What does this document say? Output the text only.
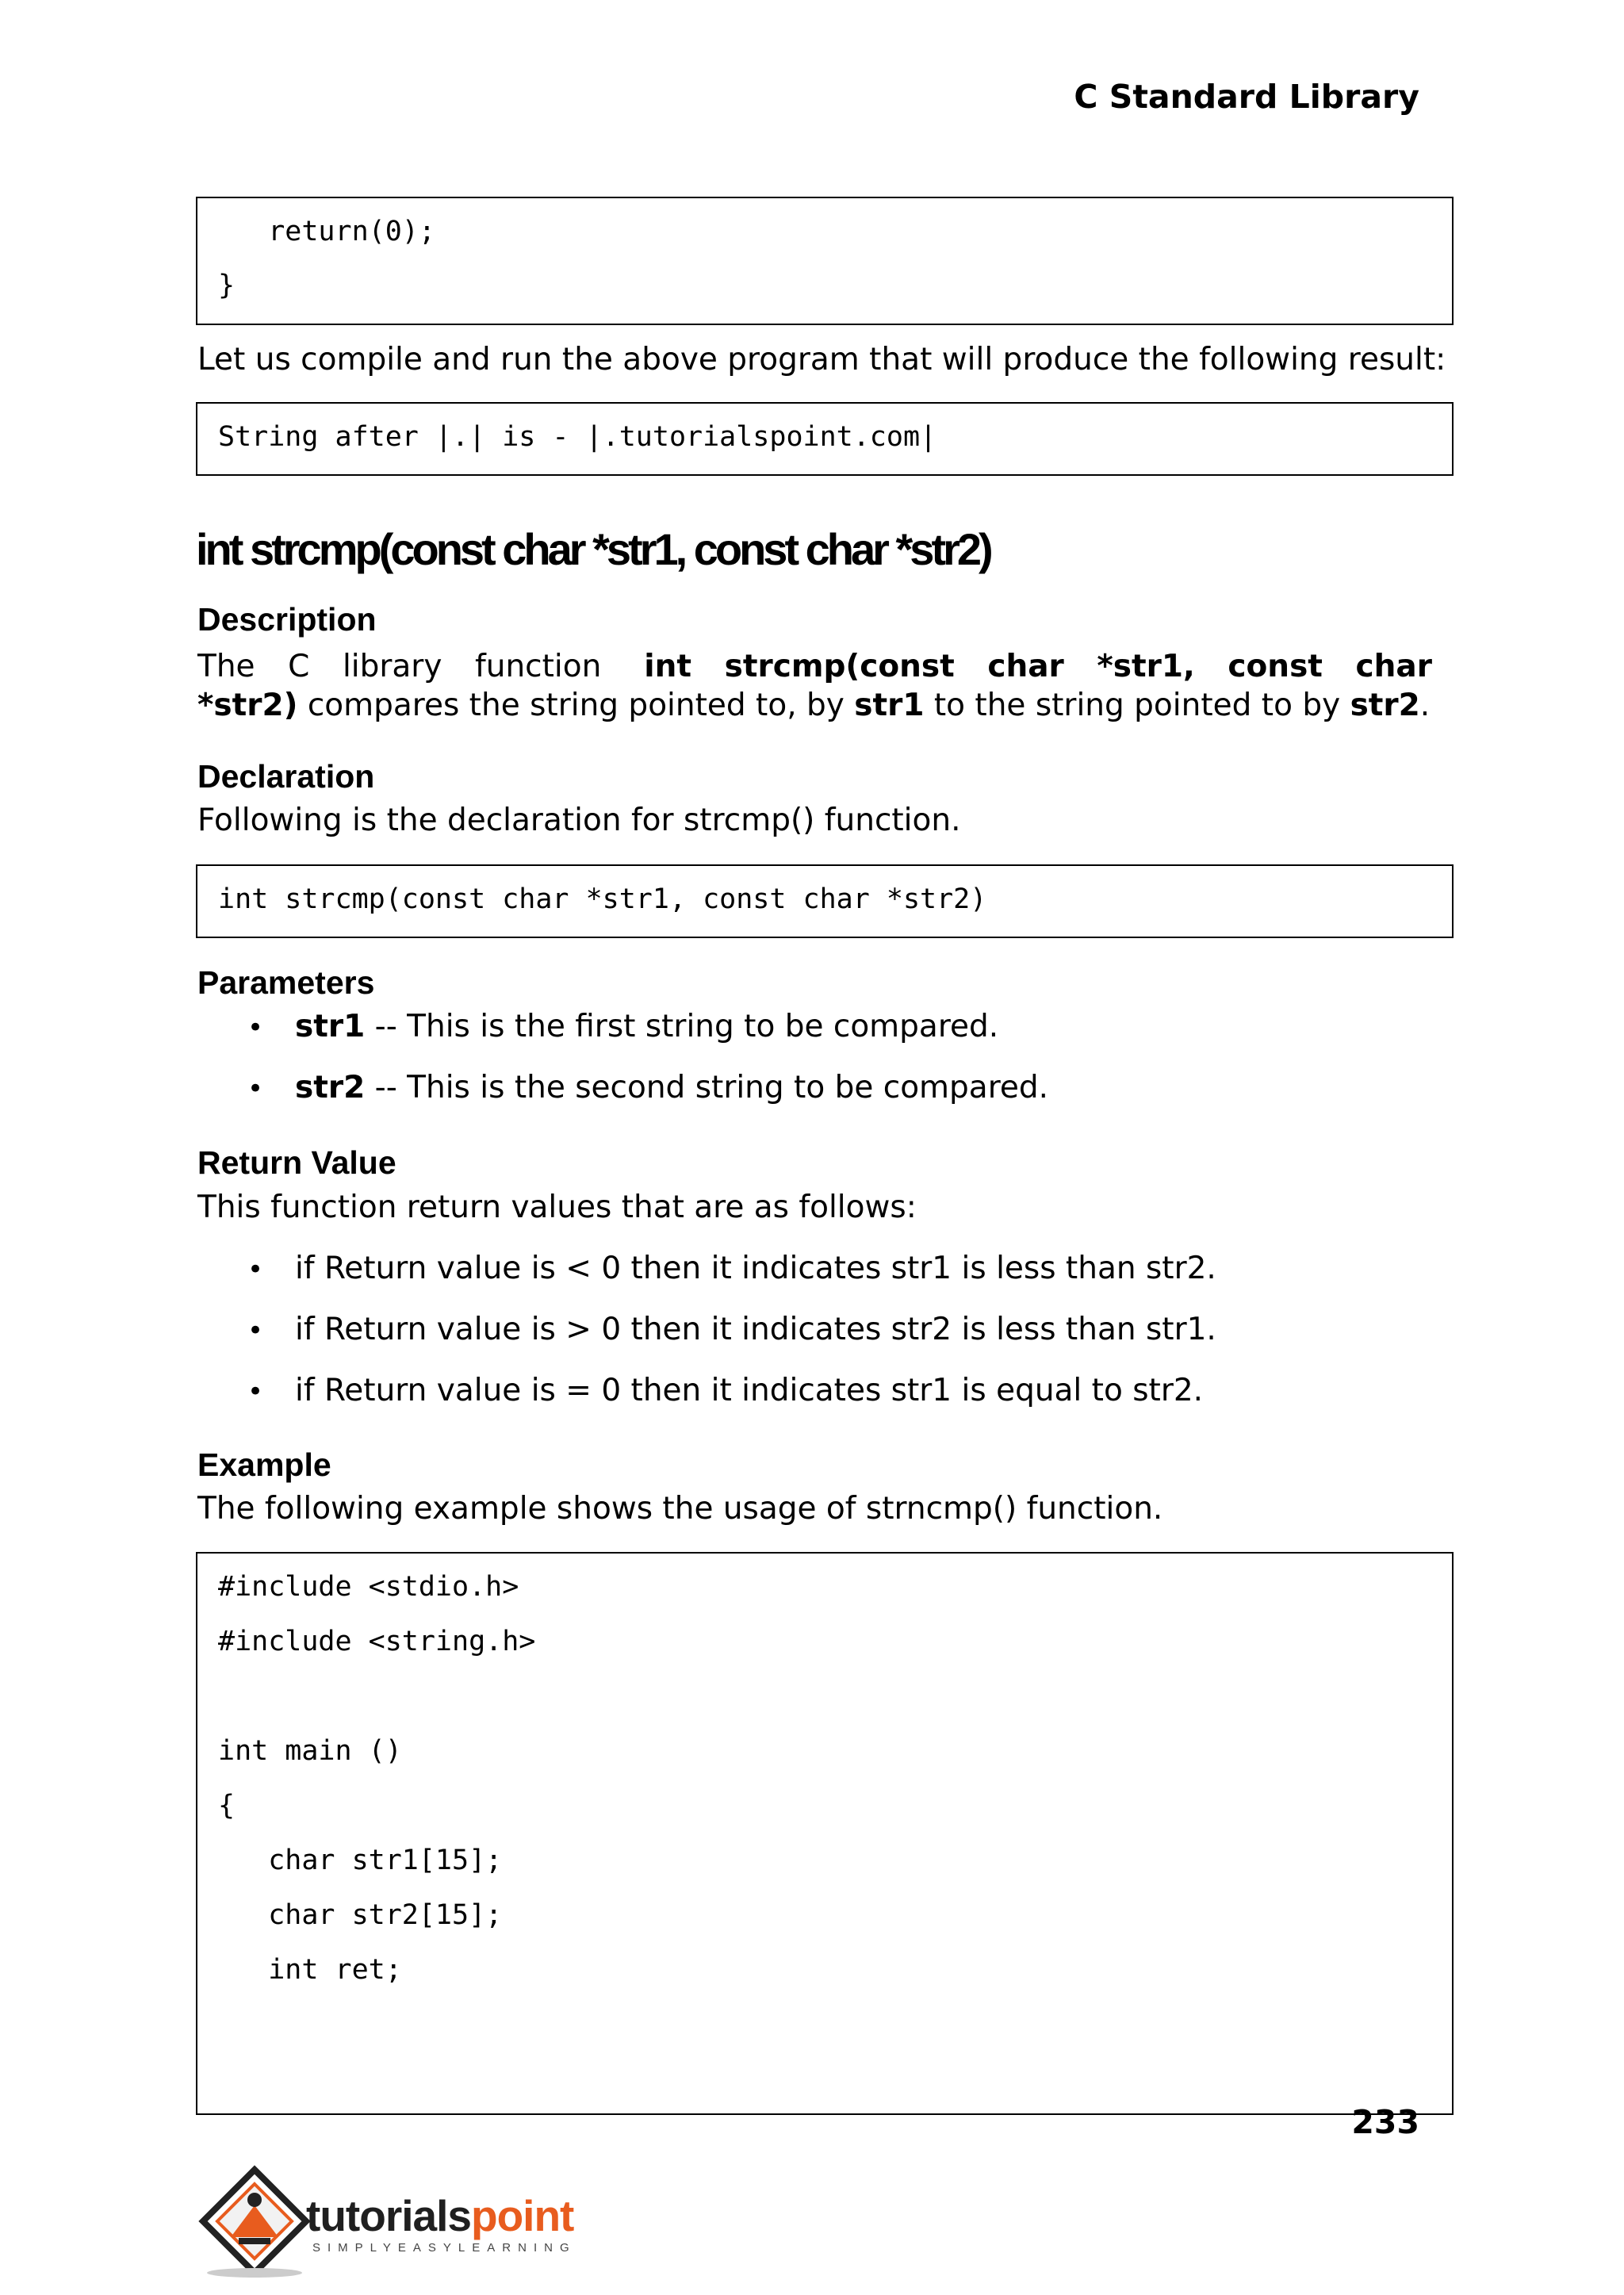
C Standard Library
return(0);
}
Let us compile and run the above program that will produce the following result:
String after |.| is - |.tutorialspoint.com|
int strcmp(const char *str1, const char *str2)
Description
The C library function int strcmp(const char *str1, const char
*str2) compares the string pointed to, by str1 to the string pointed to by str2.
Declaration
Following is the declaration for strcmp() function.
int strcmp(const char *str1, const char *str2)
Parameters
• str1 -- This is the first string to be compared.
• str2 -- This is the second string to be compared.
Return Value
This function return values that are as follows:
• if Return value is < 0 then it indicates str1 is less than str2.
• if Return value is > 0 then it indicates str2 is less than str1.
• if Return value is = 0 then it indicates str1 is equal to str2.
Example
The following example shows the usage of strncmp() function.
#include <stdio.h>
#include <string.h>
int main ()
{
char str1[15];
char str2[15];
int ret;
233
tutorialspoint
SIMPLYEASYLEARNING
